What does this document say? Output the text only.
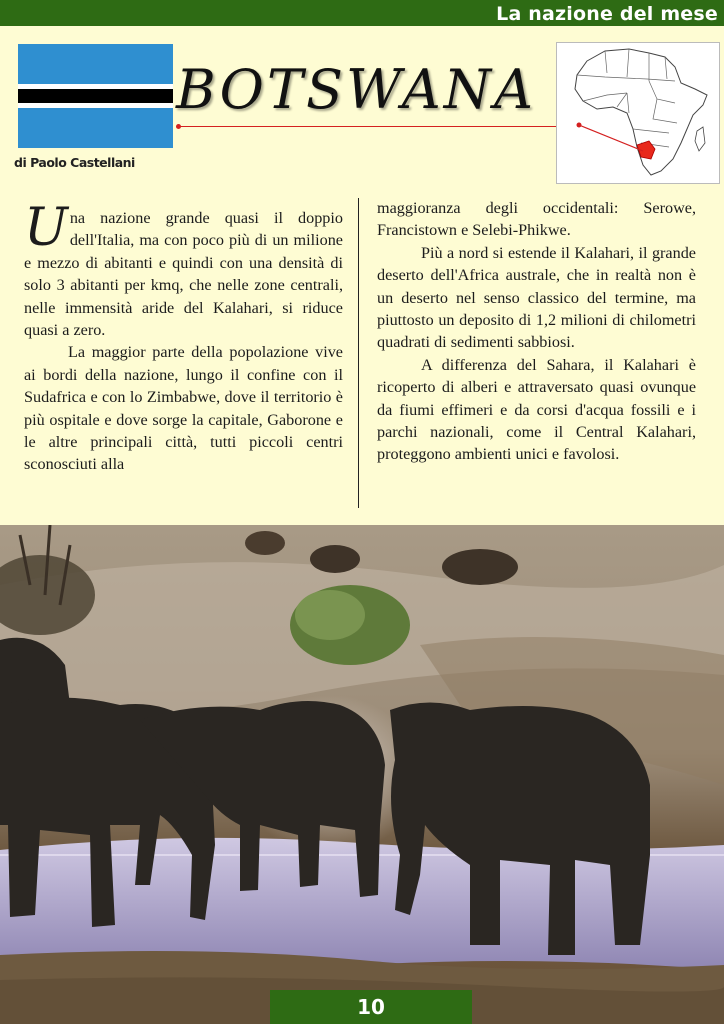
La nazione del mese
BOTSWANA
di Paolo Castellani

Una nazione grande quasi il doppio dell'Italia, ma con poco più di un milione e mezzo di abitanti e quindi con una densità di solo 3 abitanti per kmq, che nelle zone centrali, nelle immensità aride del Kalahari, si riduce quasi a zero.

La maggior parte della popolazione vive ai bordi della nazione, lungo il confine con il Sudafrica e con lo Zimbabwe, dove il territorio è più ospitale e dove sorge la capitale, Gaborone e le altre principali città, tutti piccoli centri sconosciuti alla

maggioranza degli occidentali: Serowe, Francistown e Selebi-Phikwe.

Più a nord si estende il Kalahari, il grande deserto dell'Africa australe, che in realtà non è un deserto nel senso classico del termine, ma piuttosto un deposito di 1,2 milioni di chilometri quadrati di sedimenti sabbiosi.

A differenza del Sahara, il Kalahari è ricoperto di alberi e attraversato quasi ovunque da fiumi effimeri e da corsi d'acqua fossili e i parchi nazionali, come il Central Kalahari, proteggono ambienti unici e favolosi.

10
